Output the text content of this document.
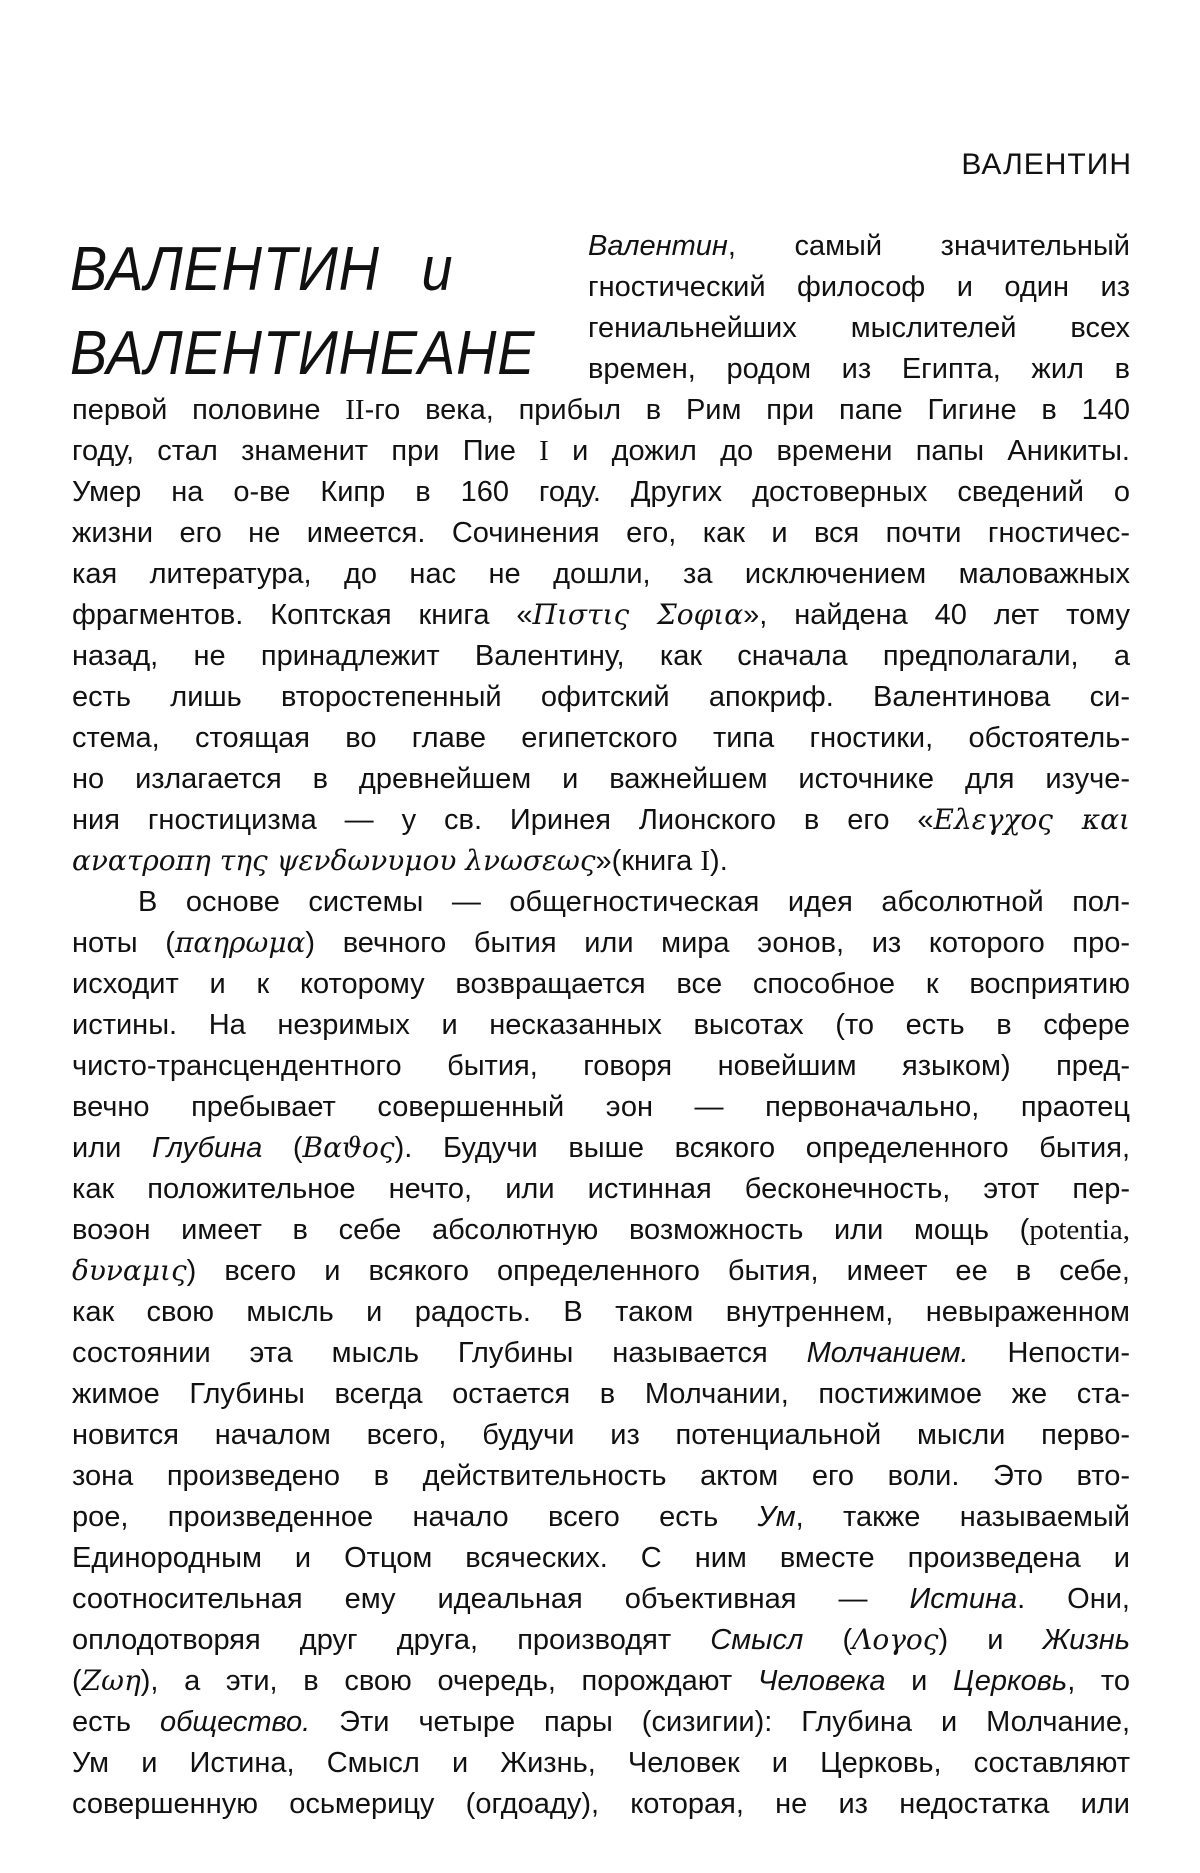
ВАЛЕНТИН
ВАЛЕНТИН и
ВАЛЕНТИНЕАНЕ
Валентин, самый значительный
гностический философ и один из
гениальнейших мыслителей всех
времен, родом из Египта, жил в
первой половине II-го века, прибыл в Рим при папе Гигине в 140
году, стал знаменит при Пие I и дожил до времени папы Аникиты.
Умер на о-ве Кипр в 160 году. Других достоверных сведений о
жизни его не имеется. Сочинения его, как и вся почти гностичес-
кая литература, до нас не дошли, за исключением маловажных
фрагментов. Коптская книга «Πιστις Σοφια», найдена 40 лет тому
назад, не принадлежит Валентину, как сначала предполагали, а
есть лишь второстепенный офитский апокриф. Валентинова си-
стема, стоящая во главе египетского типа гностики, обстоятель-
но излагается в древнейшем и важнейшем источнике для изуче-
ния гностицизма — у св. Иринея Лионского в его «Ελεγχος και
ανατροπη της ψενδωνυμου λνωσεως»(книга I).
В основе системы — общегностическая идея абсолютной пол-
ноты (παηρωμα) вечного бытия или мира эонов, из которого про-
исходит и к которому возвращается все способное к восприятию
истины. На незримых и несказанных высотах (то есть в сфере
чисто-трансцендентного бытия, говоря новейшим языком) пред-
вечно пребывает совершенный эон — первоначально, праотец
или Глубина (Βαϑος). Будучи выше всякого определенного бытия,
как положительное нечто, или истинная бесконечность, этот пер-
воэон имеет в себе абсолютную возможность или мощь (potentia,
δυναμις) всего и всякого определенного бытия, имеет ее в себе,
как свою мысль и радость. В таком внутреннем, невыраженном
состоянии эта мысль Глубины называется Молчанием. Непости-
жимое Глубины всегда остается в Молчании, постижимое же ста-
новится началом всего, будучи из потенциальной мысли перво-
зона произведено в действительность актом его воли. Это вто-
рое, произведенное начало всего есть Ум, также называемый
Единородным и Отцом всяческих. С ним вместе произведена и
соотносительная ему идеальная объективная — Истина. Они,
оплодотворяя друг друга, производят Смысл (Λογος) и Жизнь
(Ζωη), а эти, в свою очередь, порождают Человека и Церковь, то
есть общество. Эти четыре пары (сизигии): Глубина и Молчание,
Ум и Истина, Смысл и Жизнь, Человек и Церковь, составляют
совершенную осьмерицу (огдоаду), которая, не из недостатка или
